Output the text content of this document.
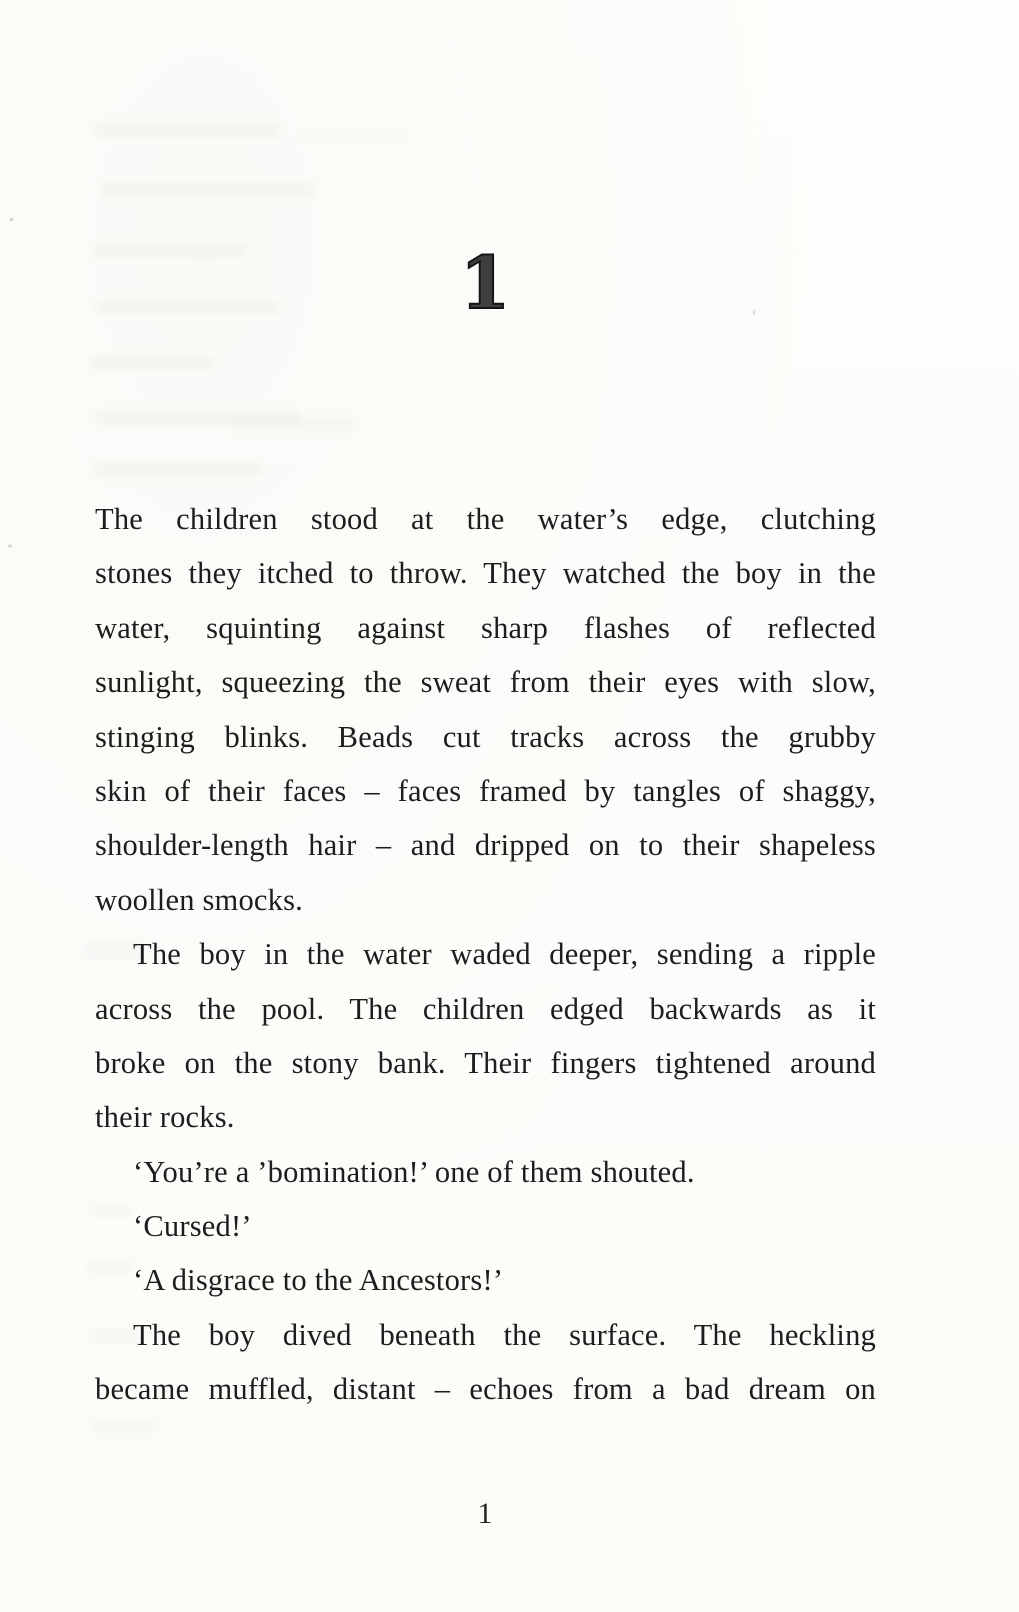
1
The children stood at the water’s edge, clutching
stones they itched to throw. They watched the boy in the
water, squinting against sharp flashes of reflected
sunlight, squeezing the sweat from their eyes with slow,
stinging blinks. Beads cut tracks across the grubby
skin of their faces – faces framed by tangles of shaggy,
shoulder-length hair – and dripped on to their shapeless
woollen smocks.
The boy in the water waded deeper, sending a ripple
across the pool. The children edged backwards as it
broke on the stony bank. Their fingers tightened around
their rocks.
‘You’re a ’bomination!’ one of them shouted.
‘Cursed!’
‘A disgrace to the Ancestors!’
The boy dived beneath the surface. The heckling
became muffled, distant – echoes from a bad dream on
1
